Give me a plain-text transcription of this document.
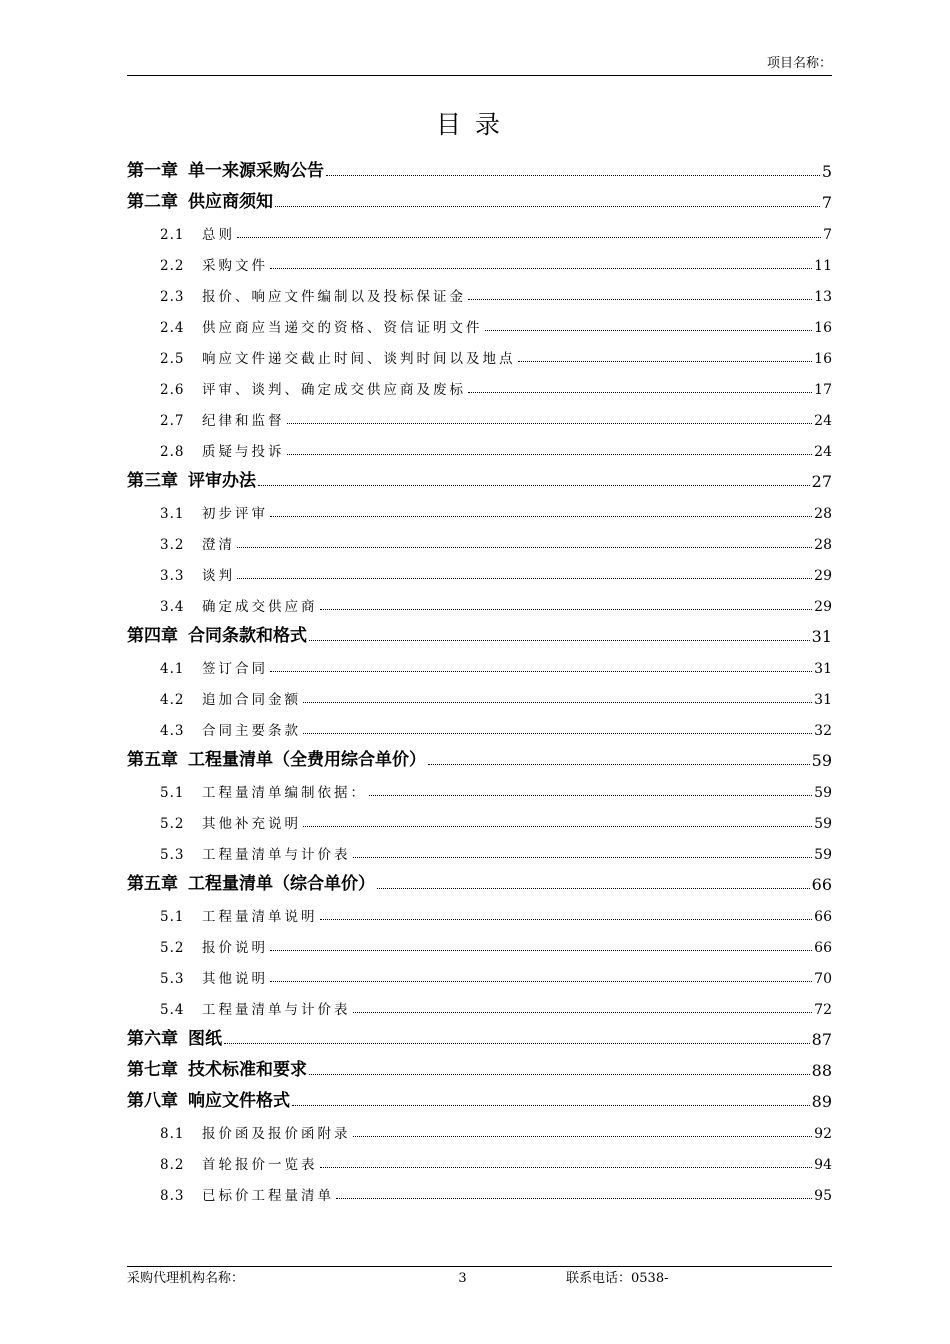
项目名称：
目录
第一章 单一来源采购公告	5
第二章 供应商须知	7
2.1	总则	7
2.2	采购文件	11
2.3	报价、响应文件编制以及投标保证金	13
2.4	供应商应当递交的资格、资信证明文件	16
2.5	响应文件递交截止时间、谈判时间以及地点	16
2.6	评审、谈判、确定成交供应商及废标	17
2.7	纪律和监督	24
2.8	质疑与投诉	24
第三章 评审办法	27
3.1	初步评审	28
3.2	澄清	28
3.3	谈判	29
3.4	确定成交供应商	29
第四章 合同条款和格式	31
4.1	签订合同	31
4.2	追加合同金额	31
4.3	合同主要条款	32
第五章 工程量清单（全费用综合单价）	59
5.1	工程量清单编制依据：	59
5.2	其他补充说明	59
5.3	工程量清单与计价表	59
第五章 工程量清单（综合单价）	66
5.1	工程量清单说明	66
5.2	报价说明	66
5.3	其他说明	70
5.4	工程量清单与计价表	72
第六章 图纸	87
第七章 技术标准和要求	88
第八章 响应文件格式	89
8.1	报价函及报价函附录	92
8.2	首轮报价一览表	94
8.3	已标价工程量清单	95
采购代理机构名称：	3	联系电话：0538-
